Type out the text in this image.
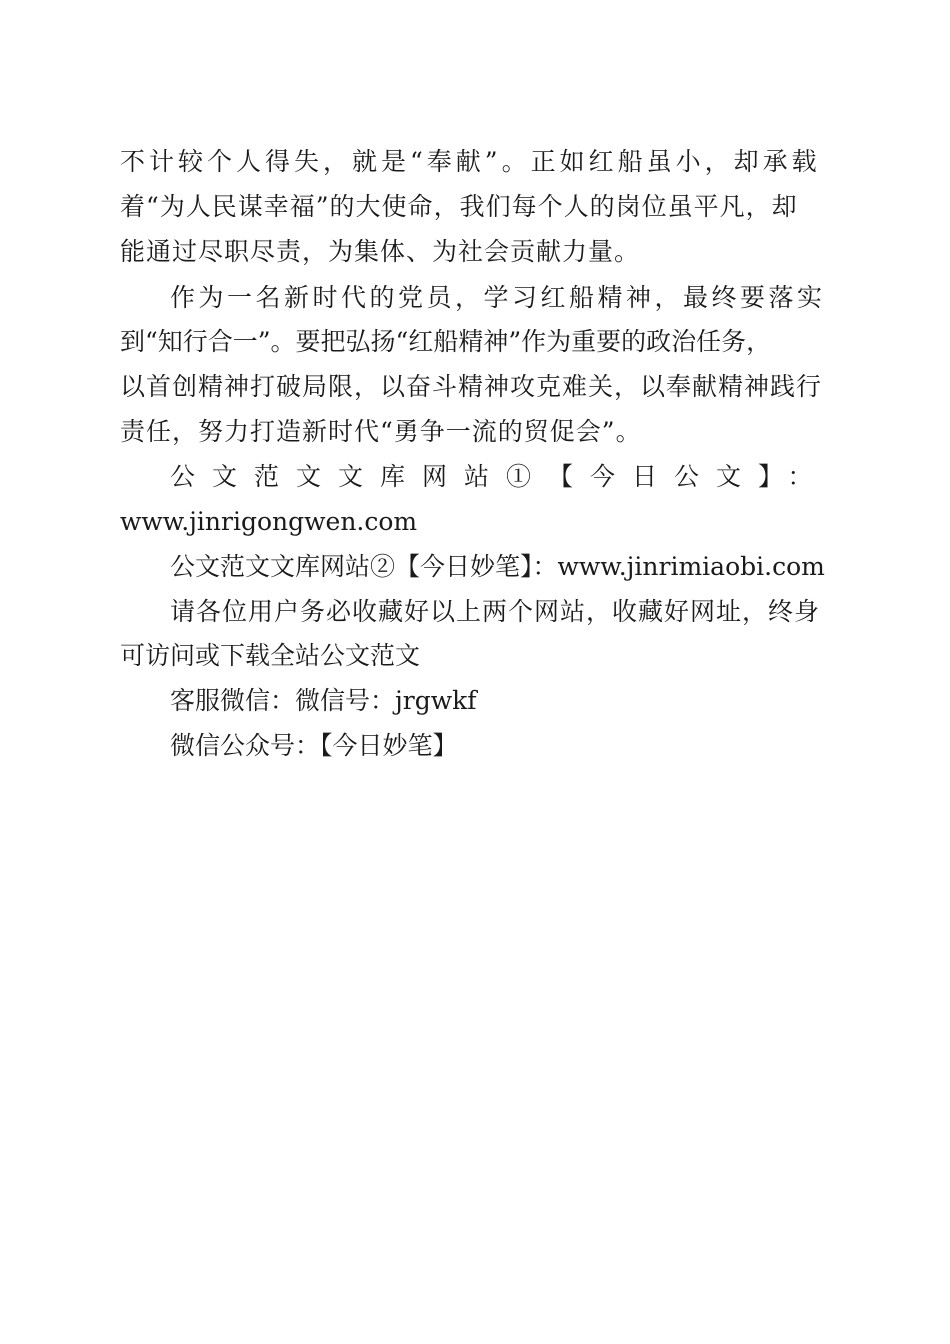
不计较个人得失，就是“奉献”。正如红船虽小，却承载
着“为人民谋幸福”的大使命，我们每个人的岗位虽平凡，却
能通过尽职尽责，为集体、为社会贡献力量。
作为一名新时代的党员，学习红船精神，最终要落实
到“知行合一”。要把弘扬“红船精神”作为重要的政治任务，
以首创精神打破局限，以奋斗精神攻克难关，以奉献精神践行
责任，努力打造新时代“勇争一流的贸促会”。
公文范文文库网站①【今日公文】：
www.jinrigongwen.com
公文范文文库网站②【今日妙笔】：www.jinrimiaobi.com
请各位用户务必收藏好以上两个网站，收藏好网址，终身
可访问或下载全站公文范文
客服微信：微信号：jrgwkf
微信公众号：【今日妙笔】
